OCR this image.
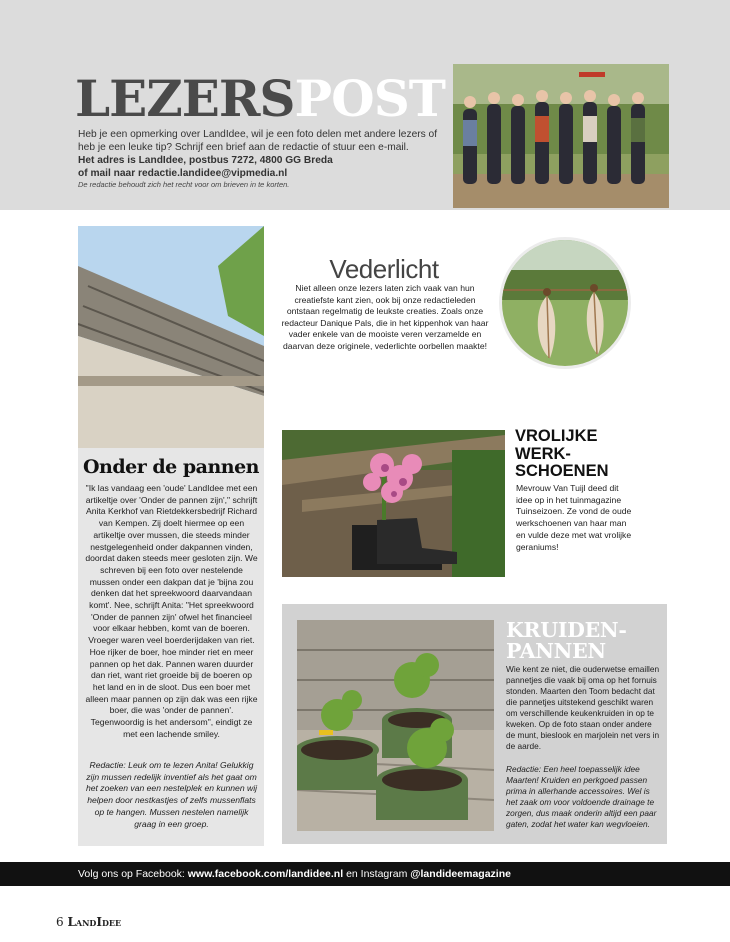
LEZERSPOST
Heb je een opmerking over LandIdee, wil je een foto delen met andere lezers of heb je een leuke tip? Schrijf een brief aan de redactie of stuur een e-mail.
Het adres is LandIdee, postbus 7272, 4800 GG Breda
of mail naar redactie.landidee@vipmedia.nl
De redactie behoudt zich het recht voor om brieven in te korten.
Onder de pannen
"Ik las vandaag een 'oude' LandIdee met een artikeltje over 'Onder de pannen zijn'," schrijft Anita Kerkhof van Rietdekkersbedrijf Richard van Kempen. Zij doelt hiermee op een artikeltje over mussen, die steeds minder nestgelegenheid onder dakpannen vinden, doordat daken steeds meer gesloten zijn. We schreven bij een foto over nestelende mussen onder een dakpan dat je 'bijna zou denken dat het spreekwoord daarvandaan komt'. Nee, schrijft Anita: "Het spreekwoord 'Onder de pannen zijn' ofwel het financieel voor elkaar hebben, komt van de boeren. Vroeger waren veel boerderijdaken van riet. Hoe rijker de boer, hoe minder riet en meer pannen op het dak. Pannen waren duurder dan riet, want riet groeide bij de boeren op het land en in de sloot. Dus een boer met alleen maar pannen op zijn dak was een rijke boer, die was 'onder de pannen'. Tegenwoordig is het andersom", eindigt ze met een lachende smiley.
Redactie: Leuk om te lezen Anita! Gelukkig zijn mussen redelijk inventief als het gaat om het zoeken van een nestelplek en kunnen wij helpen door nestkastjes of zelfs mussenflats op te hangen. Mussen nestelen namelijk graag in een groep.
Vederlicht
Niet alleen onze lezers laten zich vaak van hun creatiefste kant zien, ook bij onze redactieleden ontstaan regelmatig de leukste creaties. Zoals onze redacteur Danique Pals, die in het kippenhok van haar vader enkele van de mooiste veren verzamelde en daarvan deze originele, vederlichte oorbellen maakte!
VROLIJKE
WERK-
SCHOENEN
Mevrouw Van Tuijl deed dit idee op in het tuinmagazine Tuinseizoen. Ze vond de oude werkschoenen van haar man en vulde deze met wat vrolijke geraniums!
KRUIDEN-
PANNEN
Wie kent ze niet, die ouderwetse emaillen pannetjes die vaak bij oma op het fornuis stonden. Maarten den Toom bedacht dat die pannetjes uitstekend geschikt waren om verschillende keukenkruiden in op te kweken. Op de foto staan onder andere de munt, bieslook en marjolein net vers in de aarde.
Redactie: Een heel toepasselijk idee Maarten! Kruiden en perkgoed passen prima in allerhande accessoires. Wel is het zaak om voor voldoende drainage te zorgen, dus maak onderin altijd een paar gaten, zodat het water kan wegvloeien.
Volg ons op Facebook: www.facebook.com/landidee.nl en Instagram @landideemagazine
6 LandIdee
